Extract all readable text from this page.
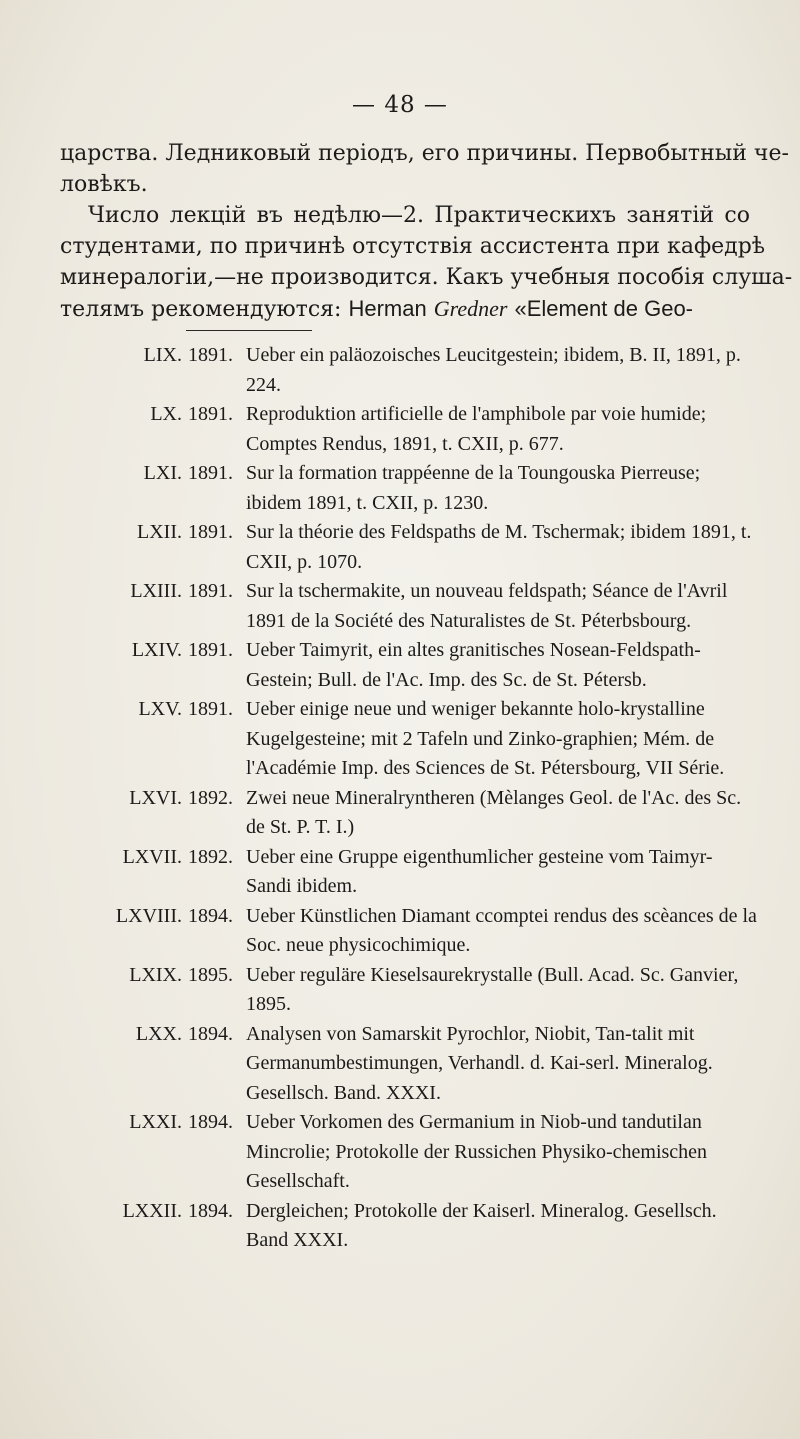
— 48 —
царства. Ледниковый періодъ, его причины. Первобытный че-
ловѣкъ.
Число лекцій въ недѣлю—2. Практическихъ занятій со
студентами, по причинѣ отсутствія ассистента при кафедрѣ
минералогіи,—не производится. Какъ учебныя пособія слуша-
телямъ рекомендуются: Herman Gredner «Element de Geo-
LIX. 1891. Ueber ein paläozoisches Leucitgestein; ibidem, B. II, 1891, p. 224.
LX. 1891. Reproduktion artificielle de l'amphibole par voie humide; Comptes Rendus, 1891, t. CXII, p. 677.
LXI. 1891. Sur la formation trappéenne de la Toungouska Pierreuse; ibidem 1891, t. CXII, p. 1230.
LXII. 1891. Sur la théorie des Feldspaths de M. Tschermak; ibidem 1891, t. CXII, p. 1070.
LXIII. 1891. Sur la tschermakite, un nouveau feldspath; Séance de l'Avril 1891 de la Société des Naturalistes de St. Péterbsbourg.
LXIV. 1891. Ueber Taimyrit, ein altes granitisches Nosean-Feldspath-Gestein; Bull. de l'Ac. Imp. des Sc. de St. Pétersb.
LXV. 1891. Ueber einige neue und weniger bekannte holo-krystalline Kugelgesteine; mit 2 Tafeln und Zinko-graphien; Mém. de l'Académie Imp. des Sciences de St. Pétersbourg, VII Série.
LXVI. 1892. Zwei neue Mineralryntheren (Mèlanges Geol. de l'Ac. des Sc. de St. P. T. I.)
LXVII. 1892. Ueber eine Gruppe eigenthumlicher gesteine vom Taimyr-Sandi ibidem.
LXVIII. 1894. Ueber Künstlichen Diamant ccomptei rendus des scèances de la Soc. neue physicochimique.
LXIX. 1895. Ueber reguläre Kieselsaurekrystalle (Bull. Acad. Sc. Ganvier, 1895.
LXX. 1894. Analysen von Samarskit Pyrochlor, Niobit, Tan-talit mit Germanumbestimungen, Verhandl. d. Kai-serl. Mineralog. Gesellsch. Band. XXXI.
LXXI. 1894. Ueber Vorkomen des Germanium in Niob-und tandutilan Mincrolie; Protokolle der Russichen Physiko-chemischen Gesellschaft.
LXXII. 1894. Dergleichen; Protokolle der Kaiserl. Mineralog. Gesellsch. Band XXXI.
